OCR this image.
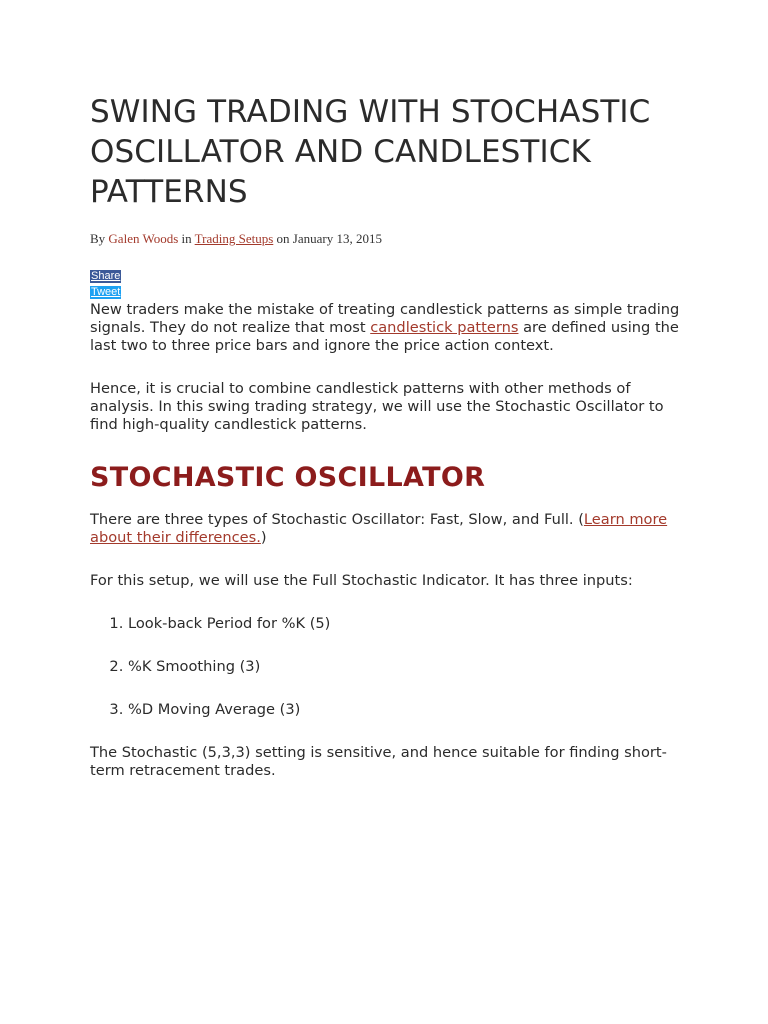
SWING TRADING WITH STOCHASTIC OSCILLATOR AND CANDLESTICK PATTERNS
By Galen Woods in Trading Setups on January 13, 2015
Share
Tweet

New traders make the mistake of treating candlestick patterns as simple trading signals. They do not realize that most candlestick patterns are defined using the last two to three price bars and ignore the price action context.

Hence, it is crucial to combine candlestick patterns with other methods of analysis. In this swing trading strategy, we will use the Stochastic Oscillator to find high-quality candlestick patterns.

STOCHASTIC OSCILLATOR

There are three types of Stochastic Oscillator: Fast, Slow, and Full. (Learn more about their differences.)

For this setup, we will use the Full Stochastic Indicator. It has three inputs:

1. Look-back Period for %K (5)
2. %K Smoothing (3)
3. %D Moving Average (3)

The Stochastic (5,3,3) setting is sensitive, and hence suitable for finding short-term retracement trades.
